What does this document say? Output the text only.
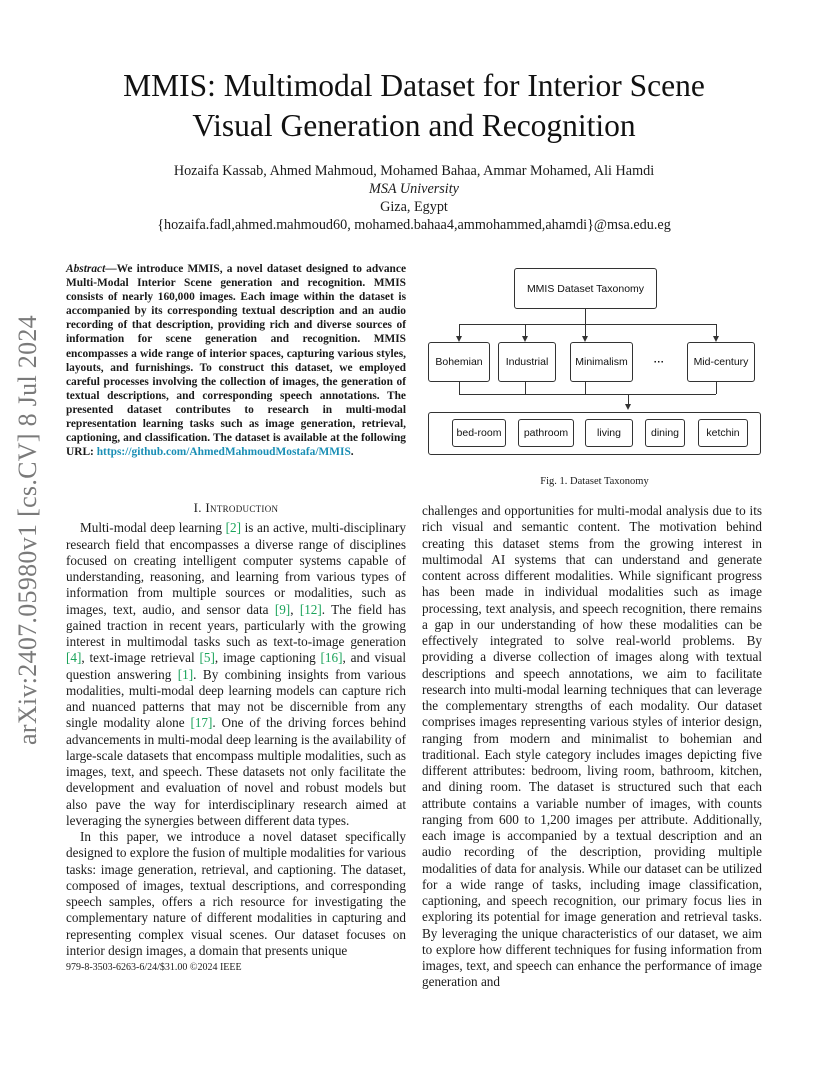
arXiv:2407.05980v1 [cs.CV] 8 Jul 2024
MMIS: Multimodal Dataset for Interior Scene
Visual Generation and Recognition
Hozaifa Kassab, Ahmed Mahmoud, Mohamed Bahaa, Ammar Mohamed, Ali Hamdi
MSA University
Giza, Egypt
{hozaifa.fadl,ahmed.mahmoud60, mohamed.bahaa4,ammohammed,ahamdi}@msa.edu.eg
Abstract—We introduce MMIS, a novel dataset designed to advance Multi-Modal Interior Scene generation and recognition. MMIS consists of nearly 160,000 images. Each image within the dataset is accompanied by its corresponding textual description and an audio recording of that description, providing rich and diverse sources of information for scene generation and recognition. MMIS encompasses a wide range of interior spaces, capturing various styles, layouts, and furnishings. To construct this dataset, we employed careful processes involving the collection of images, the generation of textual descriptions, and corresponding speech annotations. The presented dataset contributes to research in multi-modal representation learning tasks such as image generation, retrieval, captioning, and classification. The dataset is available at the following URL: https://github.com/AhmedMahmoudMostafa/MMIS.
MMIS Dataset Taxonomy
Bohemian	Industrial	Minimalism	···	Mid-century
bed-room	pathroom	living	dining	ketchin
Fig. 1. Dataset Taxonomy
I. Introduction

Multi-modal deep learning [2] is an active, multi-disciplinary research field that encompasses a diverse range of disciplines focused on creating intelligent computer systems capable of understanding, reasoning, and learning from various types of information from multiple sources or modalities, such as images, text, audio, and sensor data [9], [12]. The field has gained traction in recent years, particularly with the growing interest in multimodal tasks such as text-to-image generation [4], text-image retrieval [5], image captioning [16], and visual question answering [1]. By combining insights from various modalities, multi-modal deep learning models can capture rich and nuanced patterns that may not be discernible from any single modality alone [17]. One of the driving forces behind advancements in multi-modal deep learning is the availability of large-scale datasets that encompass multiple modalities, such as images, text, and speech. These datasets not only facilitate the development and evaluation of novel and robust models but also pave the way for interdisciplinary research aimed at leveraging the synergies between different data types.

In this paper, we introduce a novel dataset specifically designed to explore the fusion of multiple modalities for various tasks: image generation, retrieval, and captioning. The dataset, composed of images, textual descriptions, and corresponding speech samples, offers a rich resource for investigating the complementary nature of different modalities in capturing and representing complex visual scenes. Our dataset focuses on interior design images, a domain that presents unique

challenges and opportunities for multi-modal analysis due to its rich visual and semantic content. The motivation behind creating this dataset stems from the growing interest in multimodal AI systems that can understand and generate content across different modalities. While significant progress has been made in individual modalities such as image processing, text analysis, and speech recognition, there remains a gap in our understanding of how these modalities can be effectively integrated to solve real-world problems. By providing a diverse collection of images along with textual descriptions and speech annotations, we aim to facilitate research into multi-modal learning techniques that can leverage the complementary strengths of each modality. Our dataset comprises images representing various styles of interior design, ranging from modern and minimalist to bohemian and traditional. Each style category includes images depicting five different attributes: bedroom, living room, bathroom, kitchen, and dining room. The dataset is structured such that each attribute contains a variable number of images, with counts ranging from 600 to 1,200 images per attribute. Additionally, each image is accompanied by a textual description and an audio recording of the description, providing multiple modalities of data for analysis. While our dataset can be utilized for a wide range of tasks, including image classification, captioning, and speech recognition, our primary focus lies in exploring its potential for image generation and retrieval tasks. By leveraging the unique characteristics of our dataset, we aim to explore how different techniques for fusing information from images, text, and speech can enhance the performance of image generation and

979-8-3503-6263-6/24/$31.00 ©2024 IEEE
